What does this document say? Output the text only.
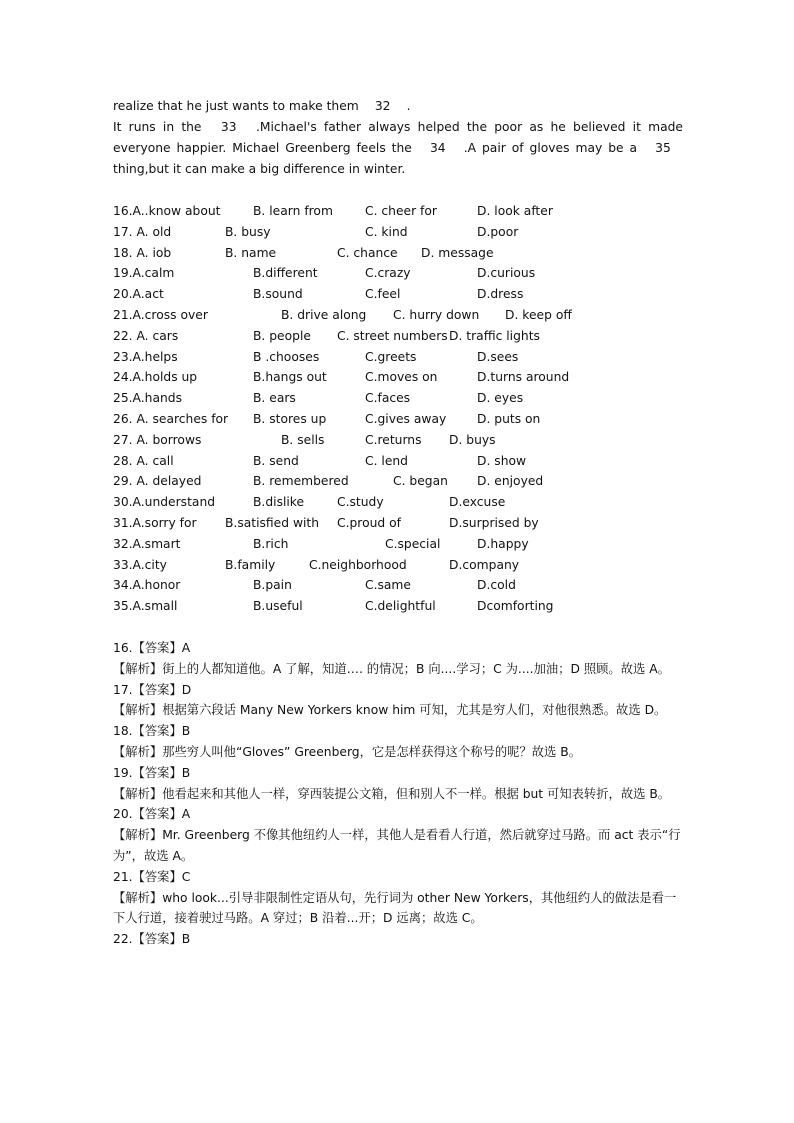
realize that he just wants to make them 32 .
It runs in the 33 .Michael's father always helped the poor as he believed it made everyone happier. Michael Greenberg feels the 34 .A pair of gloves may be a 35 thing,but it can make a big difference in winter.

16.A..know about	B. learn from	C. cheer for	D. look after
17. A. old	B. busy	C. kind	D.poor
18. A. iob	B. name	C. chance D. message
19.A.calm	B.different	C.crazy	D.curious
20.A.act	B.sound	C.feel	D.dress
21.A.cross over	B. drive along C. hurry down D. keep off
22. A. cars	B. people C. street numbers D. traffic lights
23.A.helps	B .chooses	C.greets	D.sees
24.A.holds up	B.hangs out	C.moves on	D.turns around
25.A.hands	B. ears	C.faces	D. eyes
26. A. searches for B. stores up	C.gives away D. puts on
27. A. borrows	B. sells	C.returns D. buys
28. A. call	B. send	C. lend	D. show
29. A. delayed	B. remembered	C. began D. enjoyed
30.A.understand	B.dislike	C.study	D.excuse
31.A.sorry for B.satisfied with C.proud of	D.surprised by
32.A.smart	B.rich	C.special	D.happy
33.A.city	B.family	C.neighborhood	D.company
34.A.honor	B.pain	C.same	D.cold
35.A.small	B.useful	C.delightful	Dcomforting

16.【答案】A

【解析】街上的人都知道他。A 了解，知道…. 的情况；B 向....学习；C 为....加油；D 照顾。故选 A。

17.【答案】D

【解析】根据第六段话 Many New Yorkers know him 可知，尤其是穷人们，对他很熟悉。故选 D。

18.【答案】B

【解析】那些穷人叫他“Gloves” Greenberg，它是怎样获得这个称号的呢？故选 B。

19.【答案】B

【解析】他看起来和其他人一样，穿西装提公文箱，但和别人不一样。根据 but 可知表转折，故选 B。

20.【答案】A

【解析】Mr. Greenberg 不像其他纽约人一样，其他人是看看人行道，然后就穿过马路。而 act 表示“行为”，故选 A。

21.【答案】C

【解析】who look...引导非限制性定语从句，先行词为 other New Yorkers，其他纽约人的做法是看一下人行道，接着驶过马路。A 穿过；B 沿着...开；D 远离；故选 C。

22.【答案】B
